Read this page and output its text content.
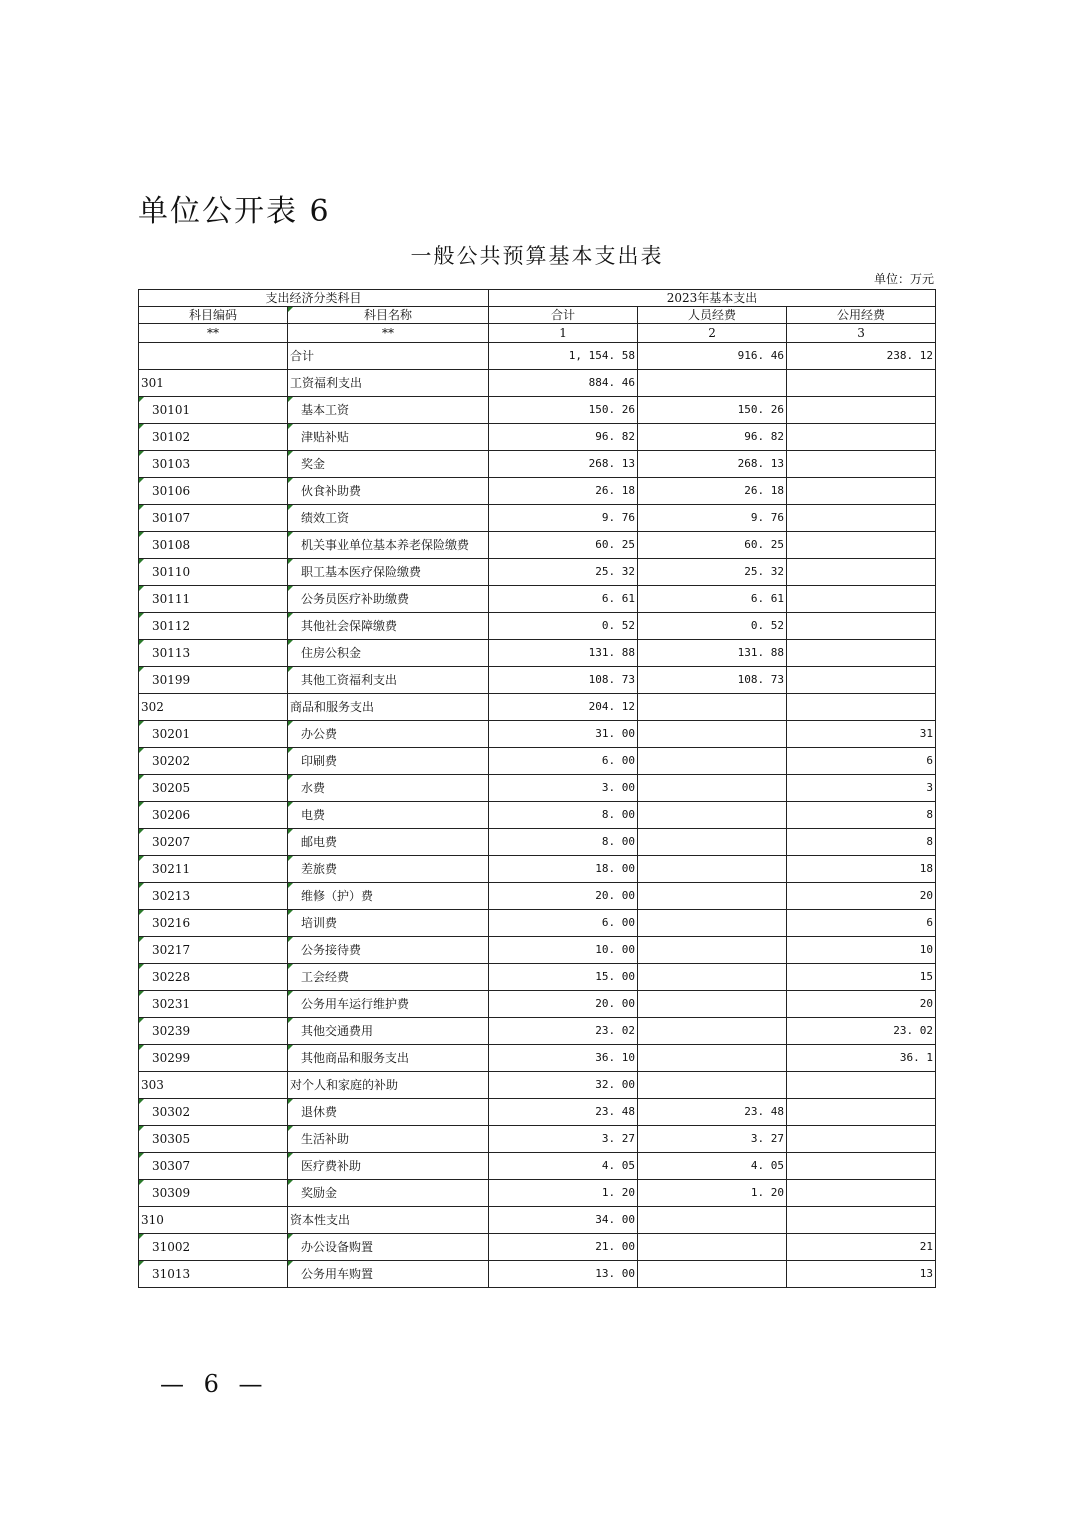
单位公开表 6
一般公共预算基本支出表
单位：万元
支出经济分类科目		2023年基本支出		
科目编码	科目名称	合计	人员经费	公用经费
**	**	1	2	3
	合计	1, 154. 58	916. 46	238. 12
301	工资福利支出	884. 46		
30101	基本工资	150. 26	150. 26	
30102	津贴补贴	96. 82	96. 82	
30103	奖金	268. 13	268. 13	
30106	伙食补助费	26. 18	26. 18	
30107	绩效工资	9. 76	9. 76	
30108	机关事业单位基本养老保险缴费	60. 25	60. 25	
30110	职工基本医疗保险缴费	25. 32	25. 32	
30111	公务员医疗补助缴费	6. 61	6. 61	
30112	其他社会保障缴费	0. 52	0. 52	
30113	住房公积金	131. 88	131. 88	
30199	其他工资福利支出	108. 73	108. 73	
302	商品和服务支出	204. 12		
30201	办公费	31. 00		31
30202	印刷费	6. 00		6
30205	水费	3. 00		3
30206	电费	8. 00		8
30207	邮电费	8. 00		8
30211	差旅费	18. 00		18
30213	维修（护）费	20. 00		20
30216	培训费	6. 00		6
30217	公务接待费	10. 00		10
30228	工会经费	15. 00		15
30231	公务用车运行维护费	20. 00		20
30239	其他交通费用	23. 02		23. 02
30299	其他商品和服务支出	36. 10		36. 1
303	对个人和家庭的补助	32. 00		
30302	退休费	23. 48	23. 48	
30305	生活补助	3. 27	3. 27	
30307	医疗费补助	4. 05	4. 05	
30309	奖励金	1. 20	1. 20	
310	资本性支出	34. 00		
31002	办公设备购置	21. 00		21
31013	公务用车购置	13. 00		13
— 6 —
